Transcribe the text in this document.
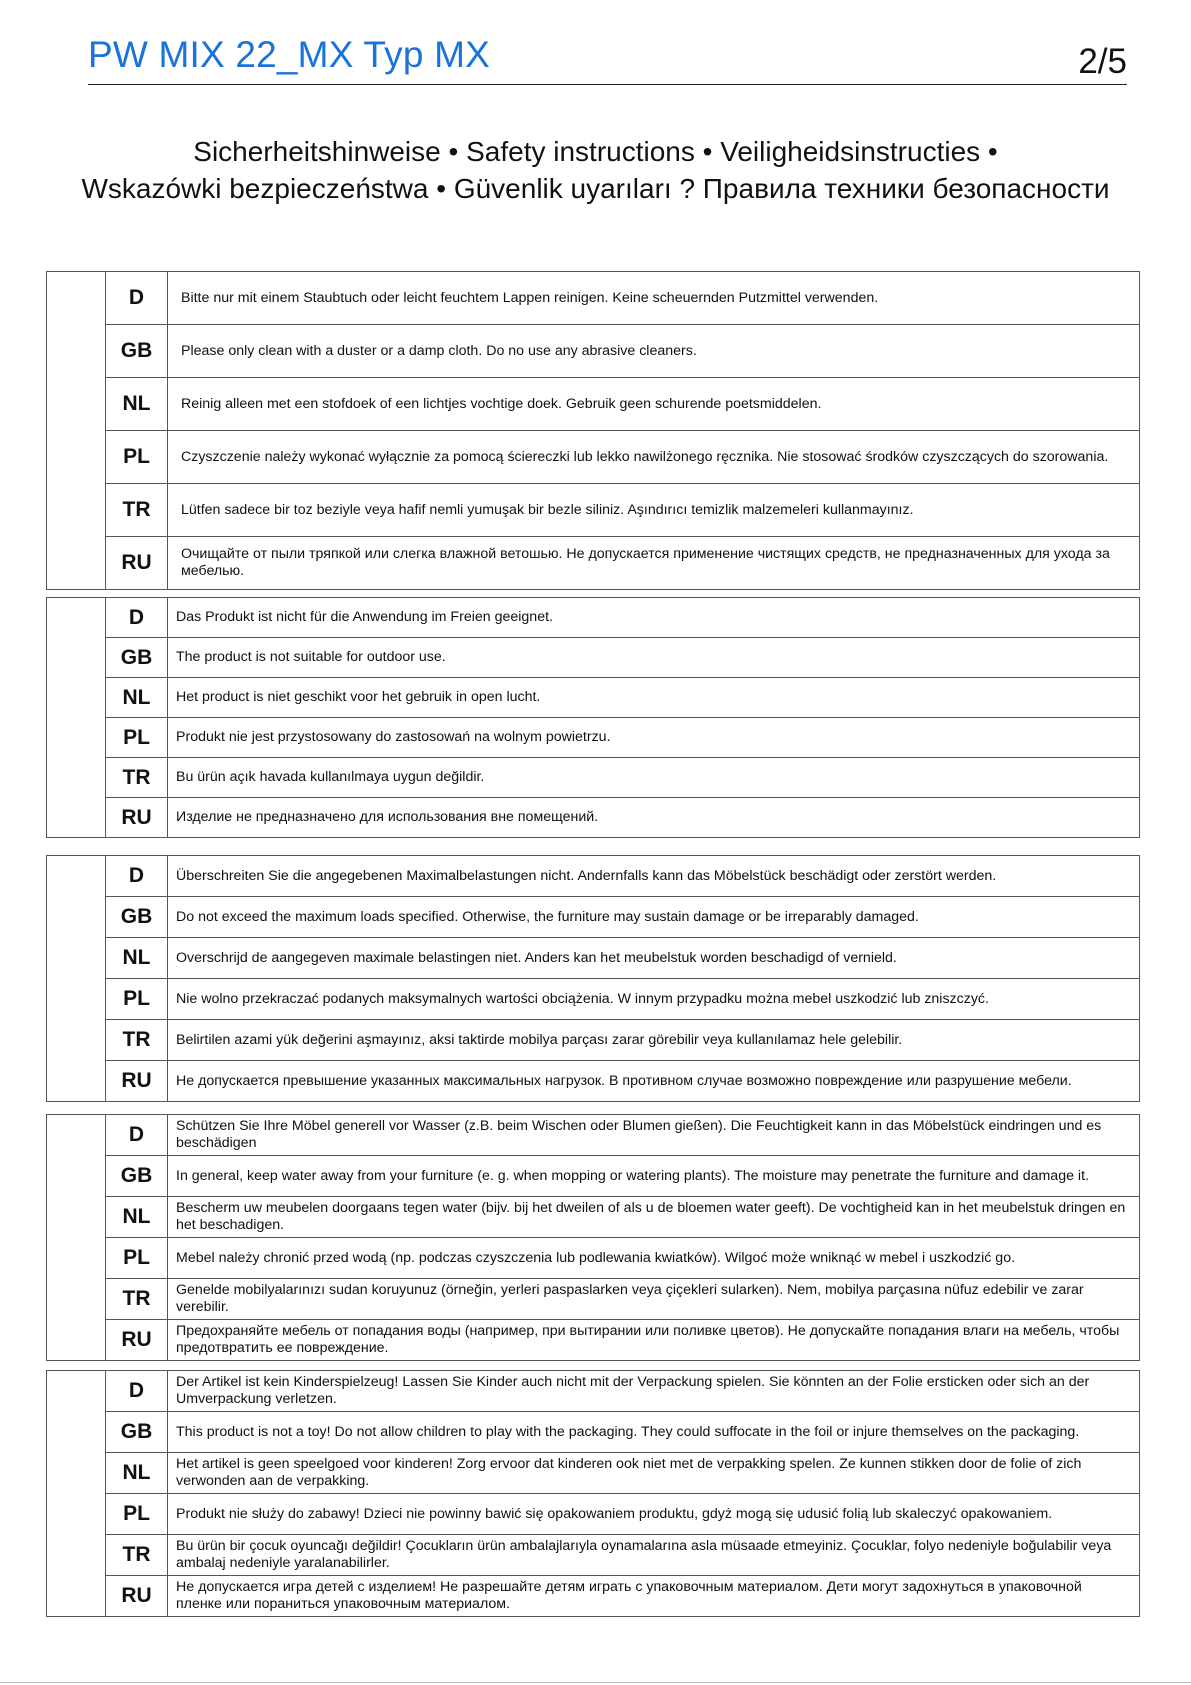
PW MIX 22_MX Typ MX	2/5
Sicherheitshinweise • Safety instructions • Veiligheidsinstructies •
Wskazówki bezpieczeństwa • Güvenlik uyarıları ? Правила техники безопасности
	D	Bitte nur mit einem Staubtuch oder leicht feuchtem Lappen reinigen. Keine scheuernden Putzmittel verwenden.
	GB	Please only clean with a duster or a damp cloth. Do no use any abrasive cleaners.
	NL	Reinig alleen met een stofdoek of een lichtjes vochtige doek. Gebruik geen schurende poetsmiddelen.
	PL	Czyszczenie należy wykonać wyłącznie za pomocą ściereczki lub lekko nawilżonego ręcznika. Nie stosować środków czyszczących do szorowania.
	TR	Lütfen sadece bir toz beziyle veya hafif nemli yumuşak bir bezle siliniz. Aşındırıcı temizlik malzemeleri kullanmayınız.
	RU	Очищайте от пыли тряпкой или слегка влажной ветошью. Не допускается применение чистящих средств, не предназначенных для ухода за мебелью.
	D	Das Produkt ist nicht für die Anwendung im Freien geeignet.
	GB	The product is not suitable for outdoor use.
	NL	Het product is niet geschikt voor het gebruik in open lucht.
	PL	Produkt nie jest przystosowany do zastosowań na wolnym powietrzu.
	TR	Bu ürün açık havada kullanılmaya uygun değildir.
	RU	Изделие не предназначено для использования вне помещений.
	D	Überschreiten Sie die angegebenen Maximalbelastungen nicht. Andernfalls kann das Möbelstück beschädigt oder zerstört werden.
	GB	Do not exceed the maximum loads specified. Otherwise, the furniture may sustain damage or be irreparably damaged.
	NL	Overschrijd de aangegeven maximale belastingen niet. Anders kan het meubelstuk worden beschadigd of vernield.
	PL	Nie wolno przekraczać podanych maksymalnych wartości obciążenia. W innym przypadku można mebel uszkodzić lub zniszczyć.
	TR	Belirtilen azami yük değerini aşmayınız, aksi taktirde mobilya parçası zarar görebilir veya kullanılamaz hele gelebilir.
	RU	Не допускается превышение указанных максимальных нагрузок. В противном случае возможно повреждение или разрушение мебели.
	D	Schützen Sie Ihre Möbel generell vor Wasser (z.B. beim Wischen oder Blumen gießen). Die Feuchtigkeit kann in das Möbelstück eindringen und es beschädigen
	GB	In general, keep water away from your furniture (e. g. when mopping or watering plants). The moisture may penetrate the furniture and damage it.
	NL	Bescherm uw meubelen doorgaans tegen water (bijv. bij het dweilen of als u de bloemen water geeft). De vochtigheid kan in het meubelstuk dringen en het beschadigen.
	PL	Mebel należy chronić przed wodą (np. podczas czyszczenia lub podlewania kwiatków). Wilgoć może wniknąć w mebel i uszkodzić go.
	TR	Genelde mobilyalarınızı sudan koruyunuz (örneğin, yerleri paspaslarken veya çiçekleri sularken). Nem, mobilya parçasına nüfuz edebilir ve zarar verebilir.
	RU	Предохраняйте мебель от попадания воды (например, при вытирании или поливке цветов). Не допускайте попадания влаги на мебель, чтобы предотвратить ее повреждение.
	D	Der Artikel ist kein Kinderspielzeug! Lassen Sie Kinder auch nicht mit der Verpackung spielen. Sie könnten an der Folie ersticken oder sich an der Umverpackung verletzen.
	GB	This product is not a toy! Do not allow children to play with the packaging. They could suffocate in the foil or injure themselves on the packaging.
	NL	Het artikel is geen speelgoed voor kinderen! Zorg ervoor dat kinderen ook niet met de verpakking spelen. Ze kunnen stikken door de folie of zich verwonden aan de verpakking.
	PL	Produkt nie służy do zabawy! Dzieci nie powinny bawić się opakowaniem produktu, gdyż mogą się udusić folią lub skaleczyć opakowaniem.
	TR	Bu ürün bir çocuk oyuncağı değildir! Çocukların ürün ambalajlarıyla oynamalarına asla müsaade etmeyiniz. Çocuklar, folyo nedeniyle boğulabilir veya ambalaj nedeniyle yaralanabilirler.
	RU	Не допускается игра детей с изделием! Не разрешайте детям играть с упаковочным материалом. Дети могут задохнуться в упаковочной пленке или пораниться упаковочным материалом.
